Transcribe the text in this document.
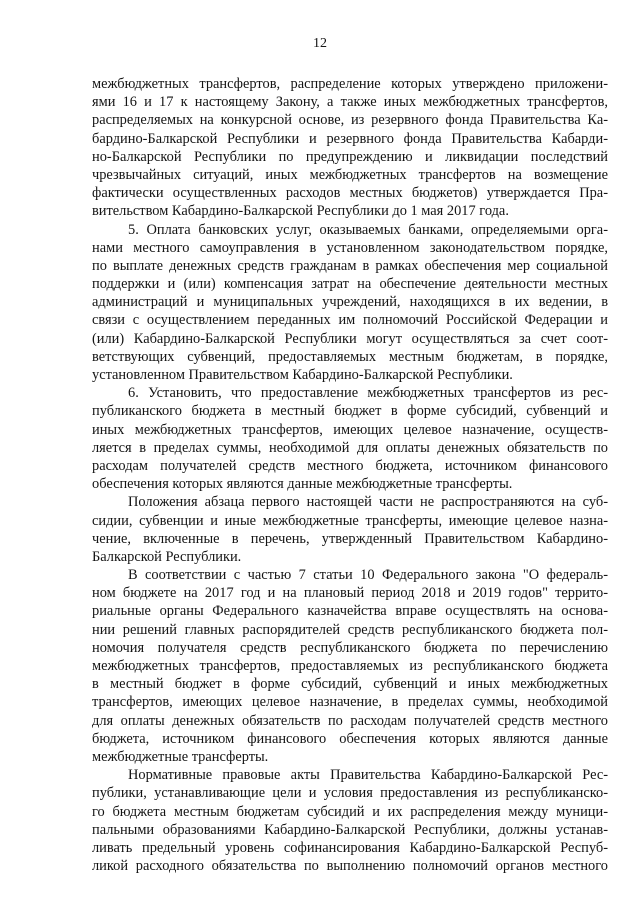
12
межбюджетных трансфертов, распределение которых утверждено приложени-
ями 16 и 17 к настоящему Закону, а также иных межбюджетных трансфертов,
распределяемых на конкурсной основе, из резервного фонда Правительства Ка-
бардино-Балкарской Республики и резервного фонда Правительства Кабарди-
но-Балкарской Республики по предупреждению и ликвидации последствий
чрезвычайных ситуаций, иных межбюджетных трансфертов на возмещение
фактически осуществленных расходов местных бюджетов) утверждается Пра-
вительством Кабардино-Балкарской Республики до 1 мая 2017 года.
5. Оплата банковских услуг, оказываемых банками, определяемыми орга-
нами местного самоуправления в установленном законодательством порядке,
по выплате денежных средств гражданам в рамках обеспечения мер социальной
поддержки и (или) компенсация затрат на обеспечение деятельности местных
администраций и муниципальных учреждений, находящихся в их ведении, в
связи с осуществлением переданных им полномочий Российской Федерации и
(или) Кабардино-Балкарской Республики могут осуществляться за счет соот-
ветствующих субвенций, предоставляемых местным бюджетам, в порядке,
установленном Правительством Кабардино-Балкарской Республики.
6. Установить, что предоставление межбюджетных трансфертов из рес-
публиканского бюджета в местный бюджет в форме субсидий, субвенций и
иных межбюджетных трансфертов, имеющих целевое назначение, осуществ-
ляется в пределах суммы, необходимой для оплаты денежных обязательств по
расходам получателей средств местного бюджета, источником финансового
обеспечения которых являются данные межбюджетные трансферты.
Положения абзаца первого настоящей части не распространяются на суб-
сидии, субвенции и иные межбюджетные трансферты, имеющие целевое назна-
чение, включенные в перечень, утвержденный Правительством Кабардино-
Балкарской Республики.
В соответствии с частью 7 статьи 10 Федерального закона "О федераль-
ном бюджете на 2017 год и на плановый период 2018 и 2019 годов" террито-
риальные органы Федерального казначейства вправе осуществлять на основа-
нии решений главных распорядителей средств республиканского бюджета пол-
номочия получателя средств республиканского бюджета по перечислению
межбюджетных трансфертов, предоставляемых из республиканского бюджета
в местный бюджет в форме субсидий, субвенций и иных межбюджетных
трансфертов, имеющих целевое назначение, в пределах суммы, необходимой
для оплаты денежных обязательств по расходам получателей средств местного
бюджета, источником финансового обеспечения которых являются данные
межбюджетные трансферты.
Нормативные правовые акты Правительства Кабардино-Балкарской Рес-
публики, устанавливающие цели и условия предоставления из республиканско-
го бюджета местным бюджетам субсидий и их распределения между муници-
пальными образованиями Кабардино-Балкарской Республики, должны устанав-
ливать предельный уровень софинансирования Кабардино-Балкарской Респуб-
ликой расходного обязательства по выполнению полномочий органов местного
